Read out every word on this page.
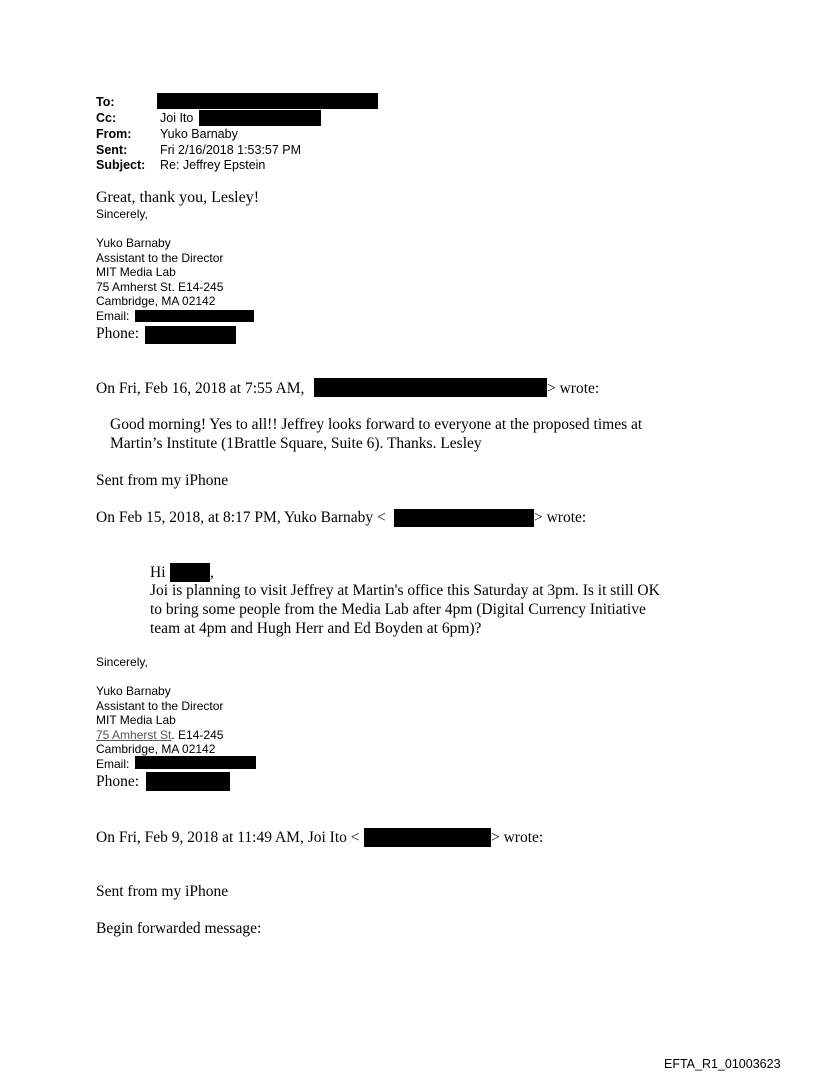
To:
Cc:	Joi Ito
From: Yuko Barnaby
Sent:	Fri 2/16/2018 1:53:57 PM
Subject: Re: Jeffrey Epstein
Great, thank you, Lesley!
Sincerely,
Yuko Barnaby
Assistant to the Director
MIT Media Lab
75 Amherst St. E14-245
Cambridge, MA 02142
Email:
Phone:
On Fri, Feb 16, 2018 at 7:55 AM,	> wrote:
Good morning! Yes to all!! Jeffrey looks forward to everyone at the proposed times at
Martin’s Institute (1Brattle Square, Suite 6). Thanks. Lesley
Sent from my iPhone
On Feb 15, 2018, at 8:17 PM, Yuko Barnaby <	> wrote:
Hi	,
Joi is planning to visit Jeffrey at Martin's office this Saturday at 3pm. Is it still OK
to bring some people from the Media Lab after 4pm (Digital Currency Initiative
team at 4pm and Hugh Herr and Ed Boyden at 6pm)?
Sincerely,
Yuko Barnaby
Assistant to the Director
MIT Media Lab
75 Amherst St. E14-245
Cambridge, MA 02142
Email:
Phone:
On Fri, Feb 9, 2018 at 11:49 AM, Joi Ito <	> wrote:
Sent from my iPhone
Begin forwarded message:
EFTA_R1_01003623
